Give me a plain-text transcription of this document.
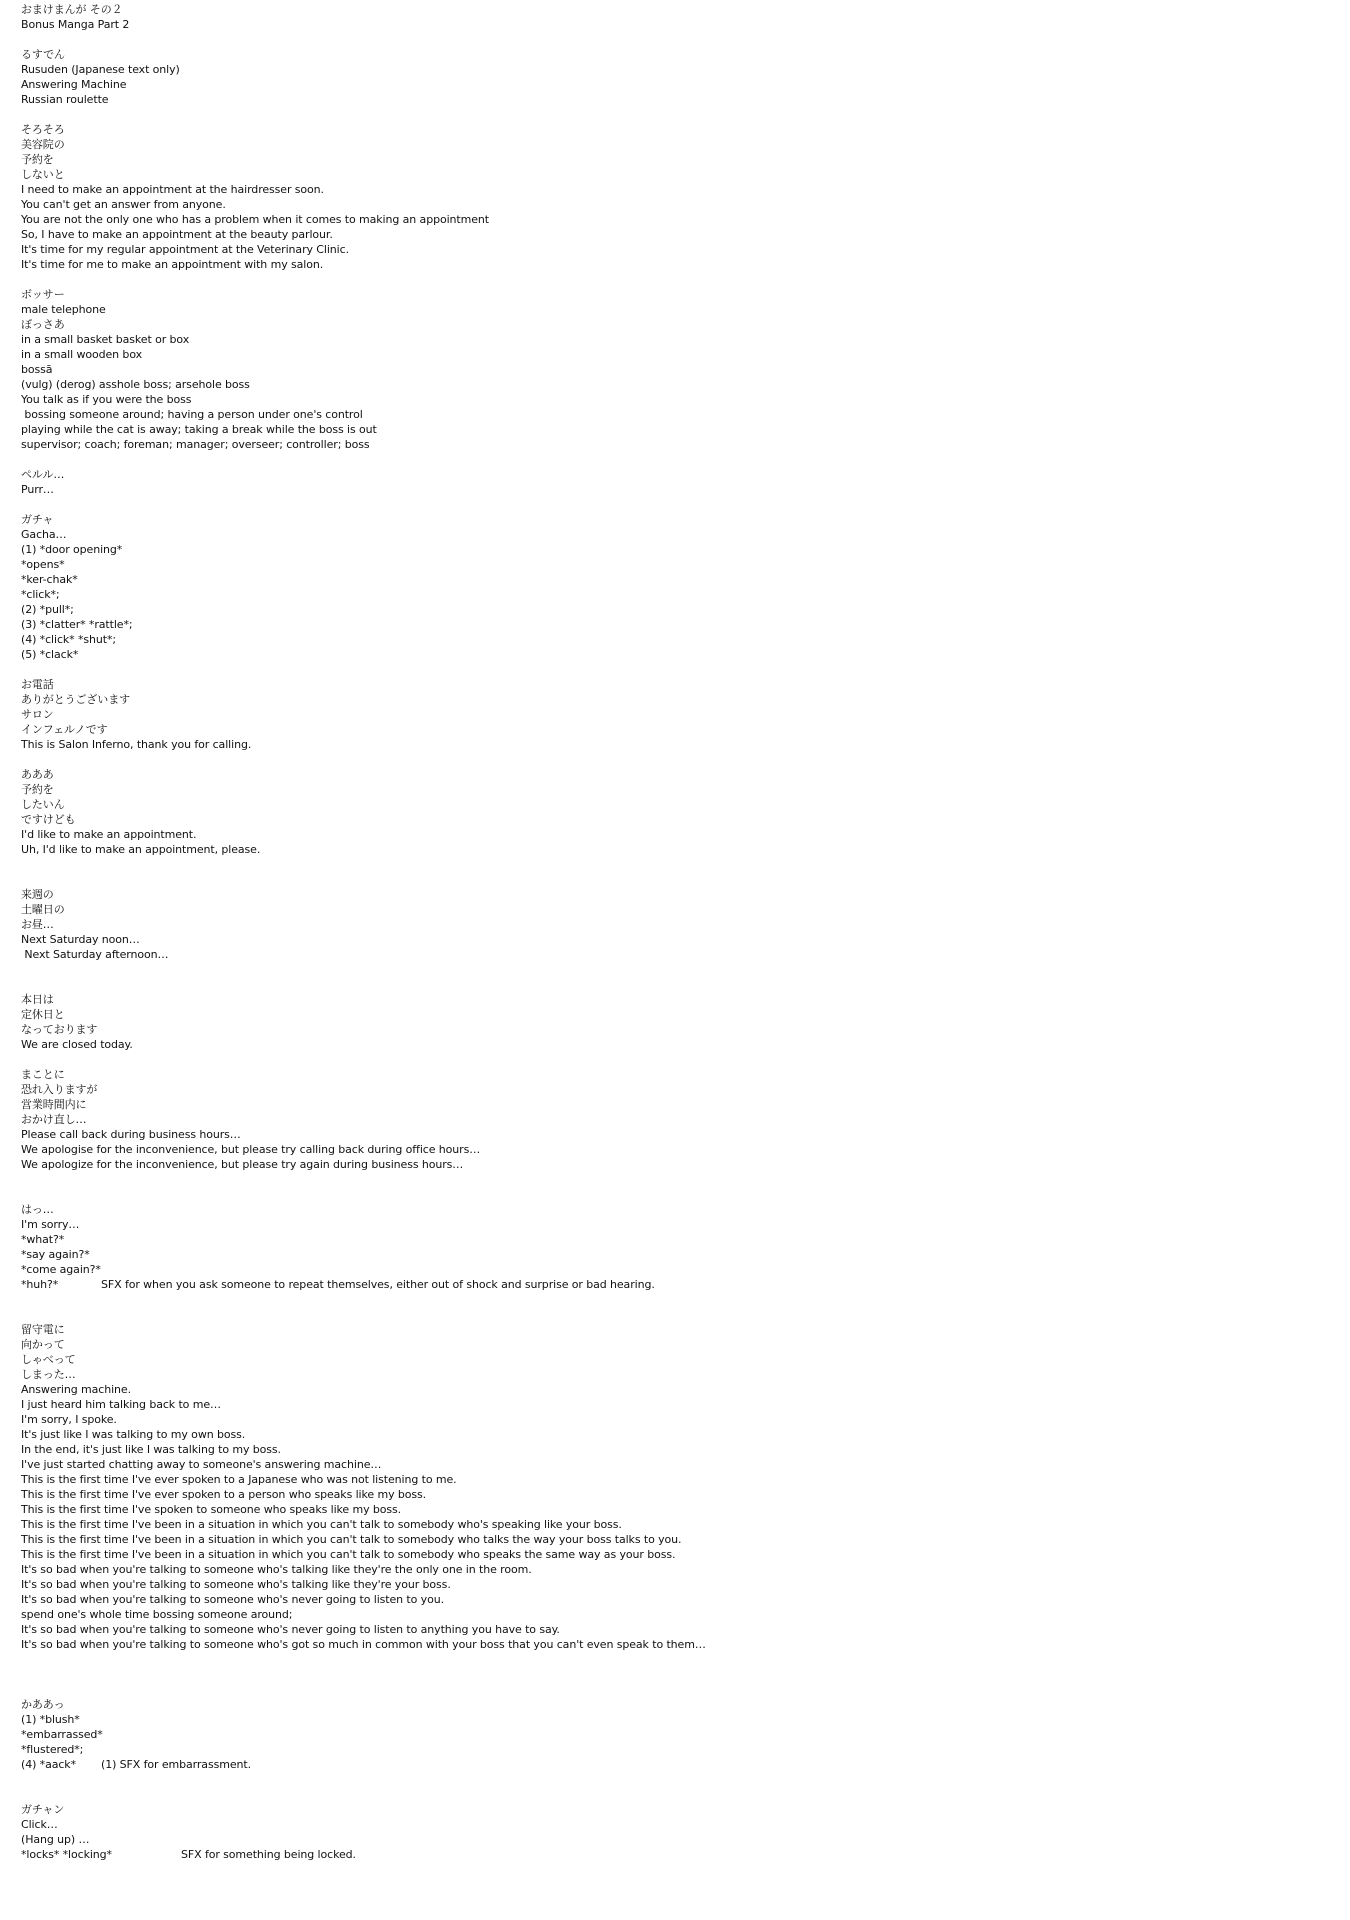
おまけまんが その２
Bonus Manga Part 2
るすでん
Rusuden (Japanese text only)
Answering Machine
Russian roulette
そろそろ
美容院の
予約を
しないと
I need to make an appointment at the hairdresser soon.
You can't get an answer from anyone.
You are not the only one who has a problem when it comes to making an appointment
So, I have to make an appointment at the beauty parlour.
It's time for my regular appointment at the Veterinary Clinic.
It's time for me to make an appointment with my salon.
ボッサー
male telephone
ぼっさあ
in a small basket basket or box
in a small wooden box
bossā
(vulg) (derog) asshole boss; arsehole boss
You talk as if you were the boss
bossing someone around; having a person under one's control
playing while the cat is away; taking a break while the boss is out
supervisor; coach; foreman; manager; overseer; controller; boss
ペルル…
Purr…
ガチャ
Gacha…
(1) *door opening*
*opens*
*ker-chak*
*click*;
(2) *pull*;
(3) *clatter* *rattle*;
(4) *click* *shut*;
(5) *clack*
お電話
ありがとうございます
サロン
インフェルノです
This is Salon Inferno, thank you for calling.
あああ
予約を
したいん
ですけども
I'd like to make an appointment.
Uh, I'd like to make an appointment, please.
来週の
土曜日の
お昼…
Next Saturday noon…
Next Saturday afternoon…
本日は
定休日と
なっております
We are closed today.
まことに
恐れ入りますが
営業時間内に
おかけ直し…
Please call back during business hours…
We apologise for the inconvenience, but please try calling back during office hours…
We apologize for the inconvenience, but please try again during business hours…
はっ…
I'm sorry…
*what?*
*say again?*
*come again?*
*huh?*	SFX for when you ask someone to repeat themselves, either out of shock and surprise or bad hearing.
留守電に
向かって
しゃべって
しまった…
Answering machine.
I just heard him talking back to me…
I'm sorry, I spoke.
It's just like I was talking to my own boss.
In the end, it's just like I was talking to my boss.
I've just started chatting away to someone's answering machine…
This is the first time I've ever spoken to a Japanese who was not listening to me.
This is the first time I've ever spoken to a person who speaks like my boss.
This is the first time I've spoken to someone who speaks like my boss.
This is the first time I've been in a situation in which you can't talk to somebody who's speaking like your boss.
This is the first time I've been in a situation in which you can't talk to somebody who talks the way your boss talks to you.
This is the first time I've been in a situation in which you can't talk to somebody who speaks the same way as your boss.
It's so bad when you're talking to someone who's talking like they're the only one in the room.
It's so bad when you're talking to someone who's talking like they're your boss.
It's so bad when you're talking to someone who's never going to listen to you.
spend one's whole time bossing someone around;
It's so bad when you're talking to someone who's never going to listen to anything you have to say.
It's so bad when you're talking to someone who's got so much in common with your boss that you can't even speak to them…
かああっ
(1) *blush*
*embarrassed*
*flustered*;
(4) *aack* (1) SFX for embarrassment.
ガチャン
Click…
(Hang up) …
*locks* *locking*	SFX for something being locked.
